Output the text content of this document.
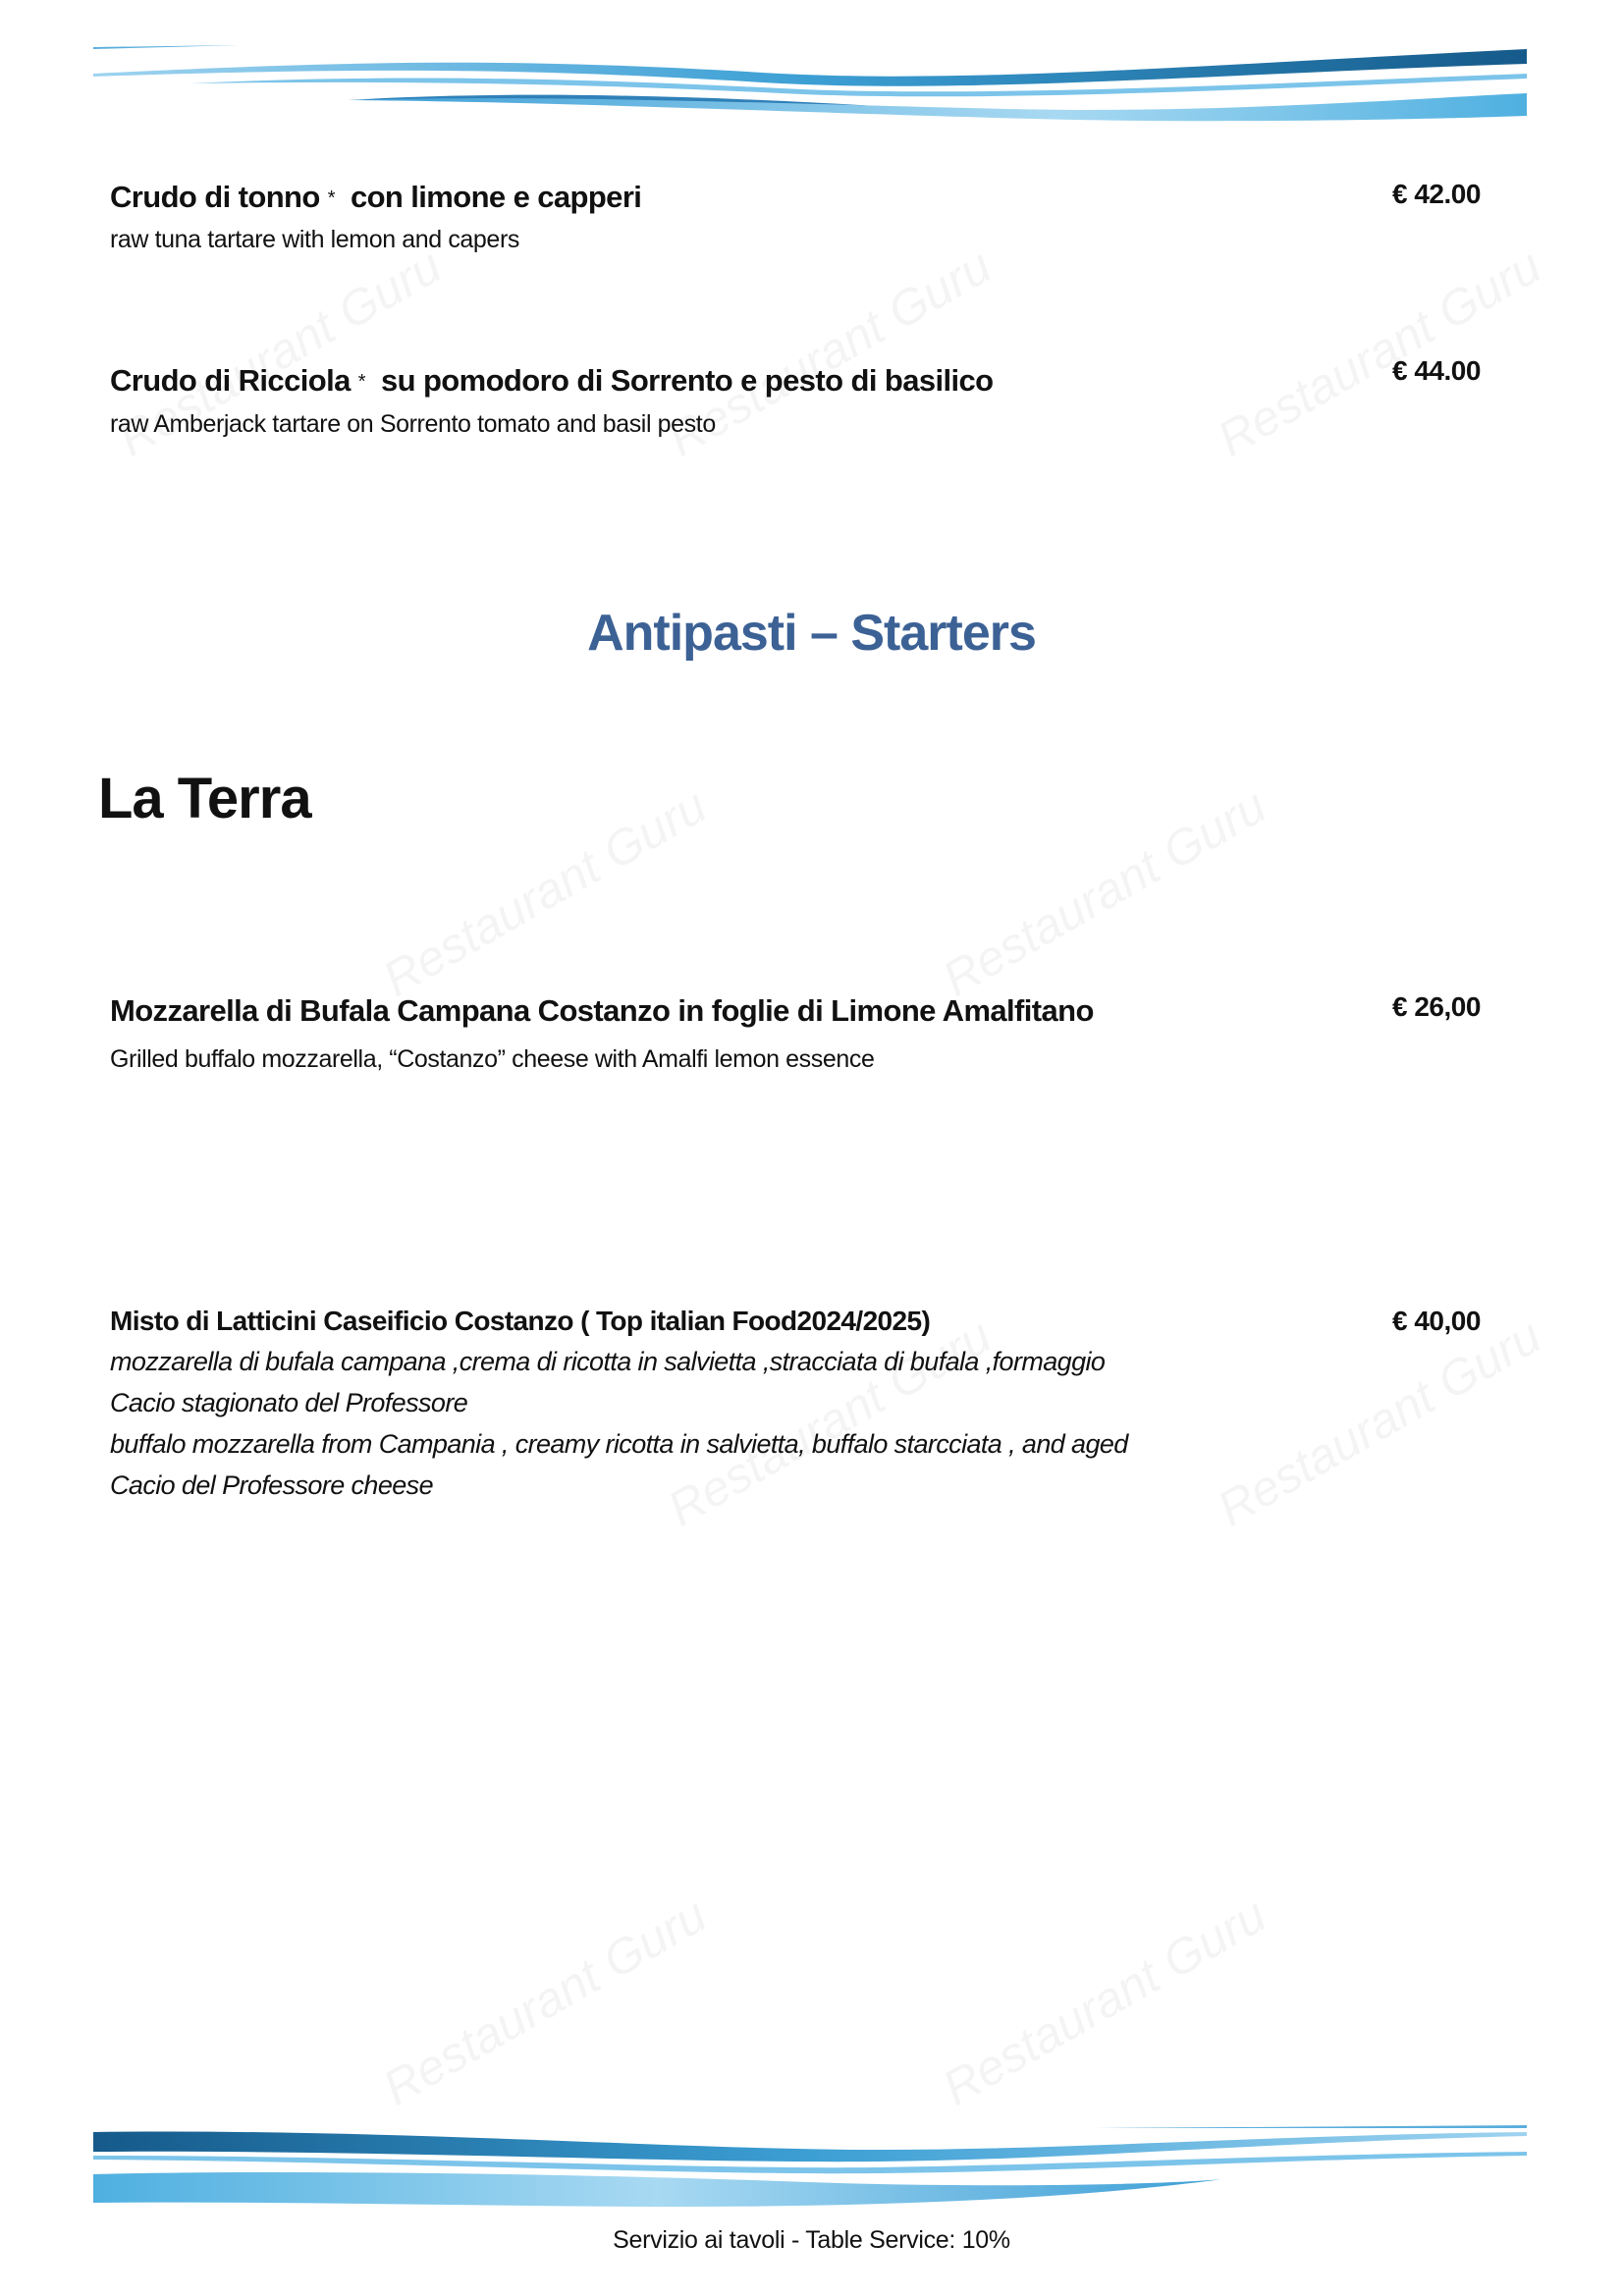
Crudo di tonno * con limone e capperi
raw tuna tartare with lemon and capers
€ 42.00
Crudo di Ricciola * su pomodoro di Sorrento e pesto di basilico
raw Amberjack tartare on Sorrento tomato and basil pesto
€ 44.00
Antipasti – Starters
La Terra
Mozzarella di Bufala Campana Costanzo in foglie di Limone Amalfitano
Grilled buffalo mozzarella, “Costanzo” cheese with Amalfi lemon essence
€ 26,00
Misto di Latticini Caseificio Costanzo ( Top italian Food2024/2025)
mozzarella di bufala campana ,crema di ricotta in salvietta ,stracciata di bufala ,formaggio
Cacio stagionato del Professore
buffalo mozzarella from Campania , creamy ricotta in salvietta, buffalo starcciata , and aged
Cacio del Professore cheese
€ 40,00
Servizio ai tavoli - Table Service: 10%
